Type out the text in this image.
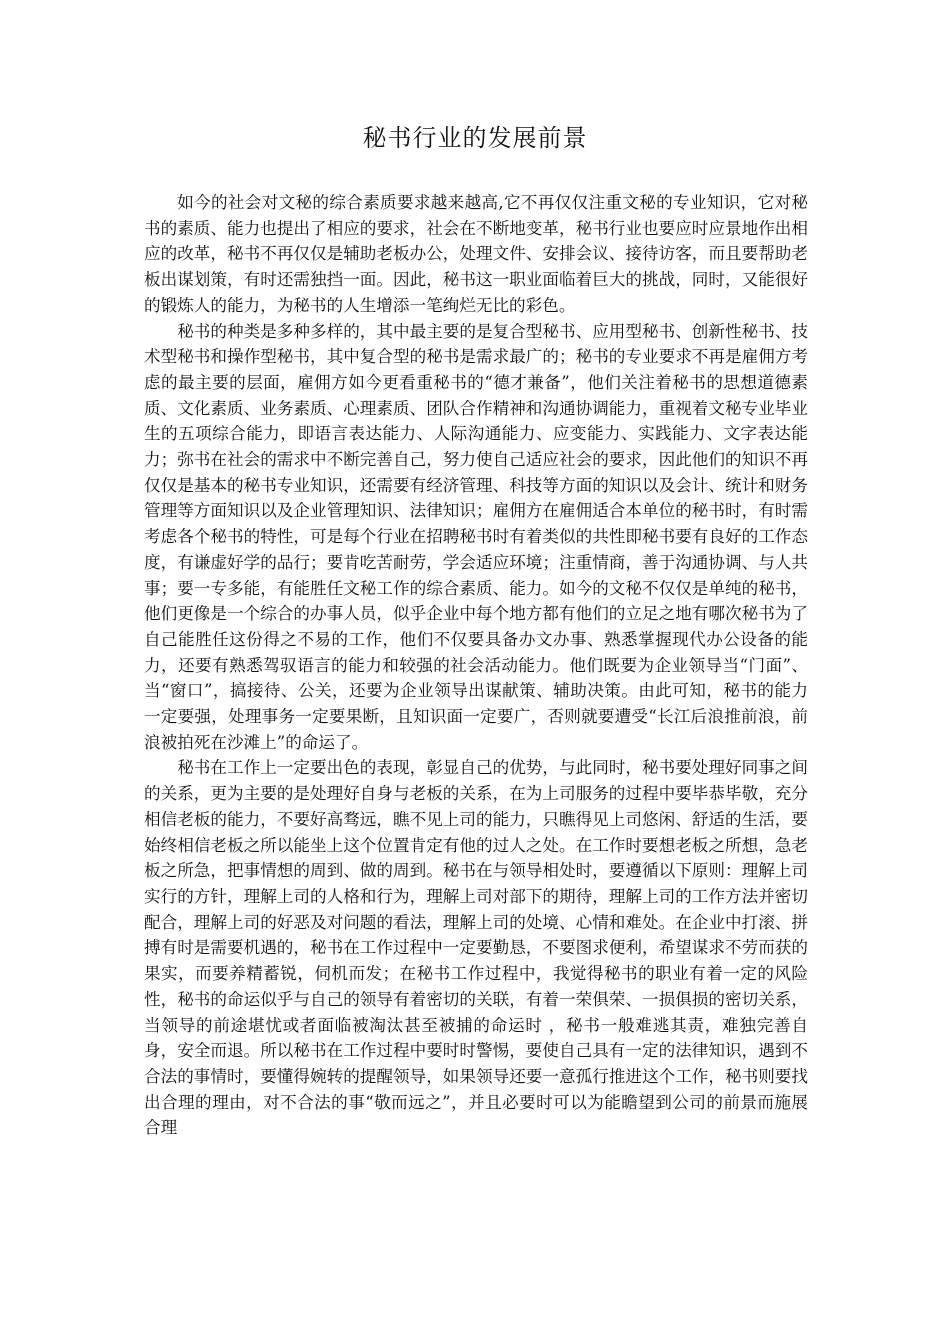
秘书行业的发展前景

如今的社会对文秘的综合素质要求越来越高,它不再仅仅注重文秘的专业知识，它对秘书的素质、能力也提出了相应的要求，社会在不断地变革，秘书行业也要应时应景地作出相应的改革，秘书不再仅仅是辅助老板办公，处理文件、安排会议、接待访客，而且要帮助老板出谋划策，有时还需独挡一面。因此，秘书这一职业面临着巨大的挑战，同时，又能很好的锻炼人的能力，为秘书的人生增添一笔绚烂无比的彩色。

秘书的种类是多种多样的，其中最主要的是复合型秘书、应用型秘书、创新性秘书、技术型秘书和操作型秘书，其中复合型的秘书是需求最广的；秘书的专业要求不再是雇佣方考虑的最主要的层面，雇佣方如今更看重秘书的“德才兼备”，他们关注着秘书的思想道德素质、文化素质、业务素质、心理素质、团队合作精神和沟通协调能力，重视着文秘专业毕业生的五项综合能力，即语言表达能力、人际沟通能力、应变能力、实践能力、文字表达能力；弥书在社会的需求中不断完善自己，努力使自己适应社会的要求，因此他们的知识不再仅仅是基本的秘书专业知识，还需要有经济管理、科技等方面的知识以及会计、统计和财务管理等方面知识以及企业管理知识、法律知识；雇佣方在雇佣适合本单位的秘书时，有时需考虑各个秘书的特性，可是每个行业在招聘秘书时有着类似的共性即秘书要有良好的工作态度，有谦虚好学的品行；要肯吃苦耐劳，学会适应环境；注重情商，善于沟通协调、与人共事；要一专多能，有能胜任文秘工作的综合素质、能力。如今的文秘不仅仅是单纯的秘书，他们更像是一个综合的办事人员，似乎企业中每个地方都有他们的立足之地有哪次秘书为了自己能胜任这份得之不易的工作，他们不仅要具备办文办事、熟悉掌握现代办公设备的能力，还要有熟悉驾驭语言的能力和较强的社会活动能力。他们既要为企业领导当“门面”、当“窗口”，搞接待、公关，还要为企业领导出谋献策、辅助决策。由此可知，秘书的能力一定要强，处理事务一定要果断，且知识面一定要广，否则就要遭受“长江后浪推前浪，前浪被拍死在沙滩上”的命运了。

秘书在工作上一定要出色的表现，彰显自己的优势，与此同时，秘书要处理好同事之间的关系，更为主要的是处理好自身与老板的关系，在为上司服务的过程中要毕恭毕敬，充分相信老板的能力，不要好高骛远，瞧不见上司的能力，只瞧得见上司悠闲、舒适的生活，要始终相信老板之所以能坐上这个位置肯定有他的过人之处。在工作时要想老板之所想，急老板之所急，把事情想的周到、做的周到。秘书在与领导相处时，要遵循以下原则：理解上司实行的方针，理解上司的人格和行为，理解上司对部下的期待，理解上司的工作方法并密切配合，理解上司的好恶及对问题的看法，理解上司的处境、心情和难处。在企业中打滚、拼搏有时是需要机遇的，秘书在工作过程中一定要勤恳，不要图求便利，希望谋求不劳而获的果实，而要养精蓄锐，伺机而发；在秘书工作过程中，我觉得秘书的职业有着一定的风险性，秘书的命运似乎与自己的领导有着密切的关联，有着一荣俱荣、一损俱损的密切关系，当领导的前途堪忧或者面临被淘汰甚至被捕的命运时 ，秘书一般难逃其责，难独完善自身，安全而退。所以秘书在工作过程中要时时警惕，要使自己具有一定的法律知识，遇到不合法的事情时，要懂得婉转的提醒领导，如果领导还要一意孤行推进这个工作，秘书则要找出合理的理由，对不合法的事“敬而远之”，并且必要时可以为能瞻望到公司的前景而施展合理
